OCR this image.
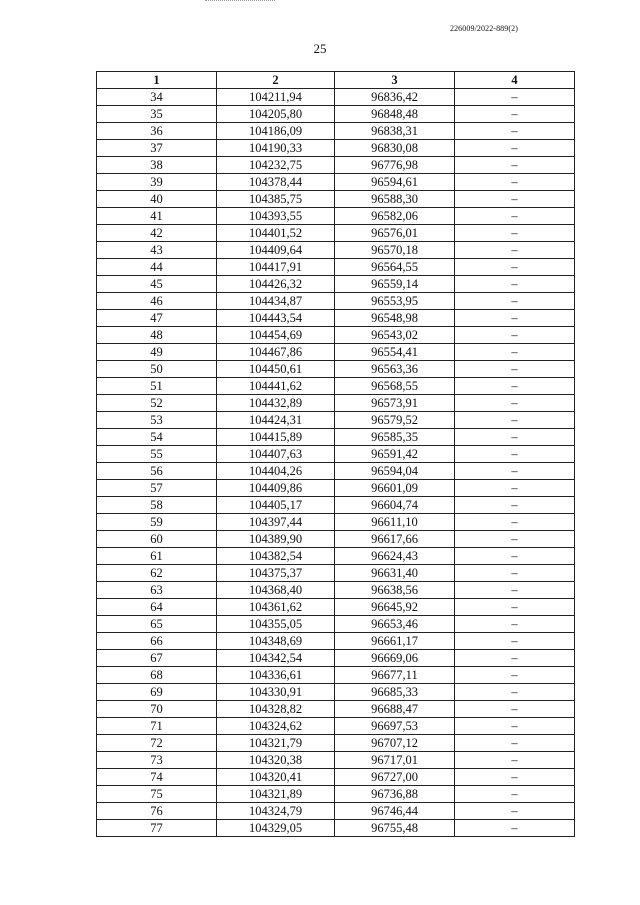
226009/2022-889(2)
25
1	2	3	4
34	104211,94	96836,42	–
35	104205,80	96848,48	–
36	104186,09	96838,31	–
37	104190,33	96830,08	–
38	104232,75	96776,98	–
39	104378,44	96594,61	–
40	104385,75	96588,30	–
41	104393,55	96582,06	–
42	104401,52	96576,01	–
43	104409,64	96570,18	–
44	104417,91	96564,55	–
45	104426,32	96559,14	–
46	104434,87	96553,95	–
47	104443,54	96548,98	–
48	104454,69	96543,02	–
49	104467,86	96554,41	–
50	104450,61	96563,36	–
51	104441,62	96568,55	–
52	104432,89	96573,91	–
53	104424,31	96579,52	–
54	104415,89	96585,35	–
55	104407,63	96591,42	–
56	104404,26	96594,04	–
57	104409,86	96601,09	–
58	104405,17	96604,74	–
59	104397,44	96611,10	–
60	104389,90	96617,66	–
61	104382,54	96624,43	–
62	104375,37	96631,40	–
63	104368,40	96638,56	–
64	104361,62	96645,92	–
65	104355,05	96653,46	–
66	104348,69	96661,17	–
67	104342,54	96669,06	–
68	104336,61	96677,11	–
69	104330,91	96685,33	–
70	104328,82	96688,47	–
71	104324,62	96697,53	–
72	104321,79	96707,12	–
73	104320,38	96717,01	–
74	104320,41	96727,00	–
75	104321,89	96736,88	–
76	104324,79	96746,44	–
77	104329,05	96755,48	–
